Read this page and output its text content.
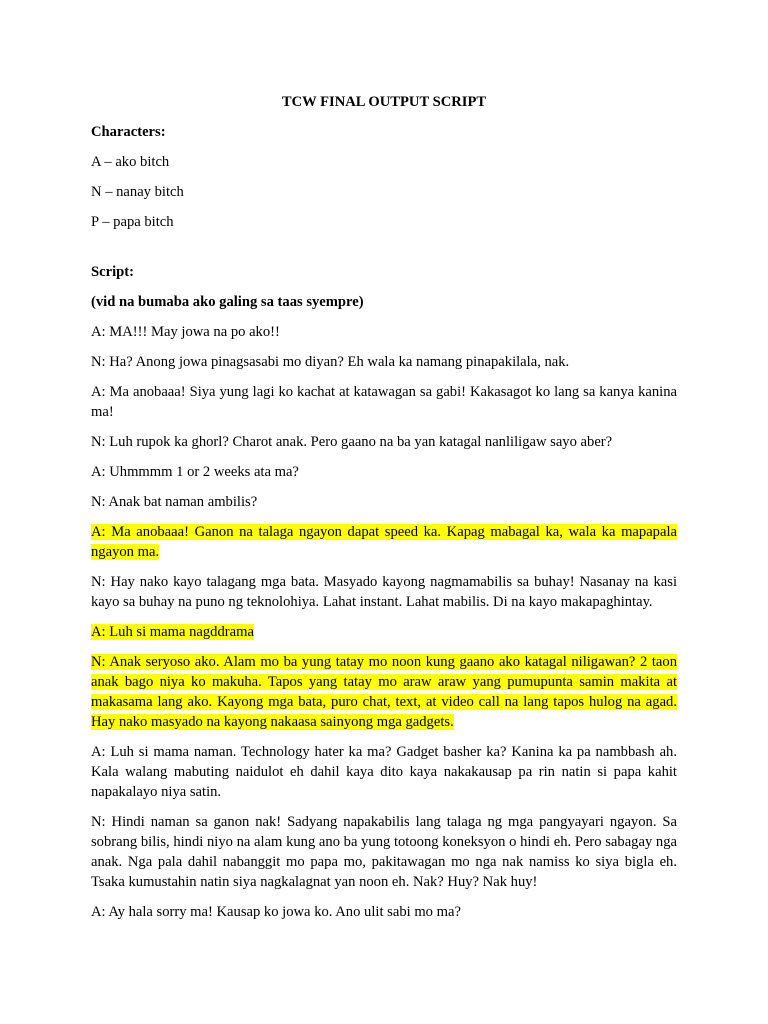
TCW FINAL OUTPUT SCRIPT
Characters:
A – ako bitch
N – nanay bitch
P – papa bitch
Script:
(vid na bumaba ako galing sa taas syempre)
A: MA!!! May jowa na po ako!!
N: Ha? Anong jowa pinagsasabi mo diyan? Eh wala ka namang pinapakilala, nak.
A: Ma anobaaa! Siya yung lagi ko kachat at katawagan sa gabi! Kakasagot ko lang sa kanya kanina ma!
N: Luh rupok ka ghorl? Charot anak. Pero gaano na ba yan katagal nanliligaw sayo aber?
A: Uhmmmm 1 or 2 weeks ata ma?
N: Anak bat naman ambilis?
A: Ma anobaaa! Ganon na talaga ngayon dapat speed ka. Kapag mabagal ka, wala ka mapapala ngayon ma.
N: Hay nako kayo talagang mga bata. Masyado kayong nagmamabilis sa buhay! Nasanay na kasi kayo sa buhay na puno ng teknolohiya. Lahat instant. Lahat mabilis. Di na kayo makapaghintay.
A: Luh si mama nagddrama
N: Anak seryoso ako. Alam mo ba yung tatay mo noon kung gaano ako katagal niligawan? 2 taon anak bago niya ko makuha. Tapos yang tatay mo araw araw yang pumupunta samin makita at makasama lang ako. Kayong mga bata, puro chat, text, at video call na lang tapos hulog na agad. Hay nako masyado na kayong nakaasa sainyong mga gadgets.
A: Luh si mama naman. Technology hater ka ma? Gadget basher ka? Kanina ka pa nambbash ah. Kala walang mabuting naidulot eh dahil kaya dito kaya nakakausap pa rin natin si papa kahit napakalayo niya satin.
N: Hindi naman sa ganon nak! Sadyang napakabilis lang talaga ng mga pangyayari ngayon. Sa sobrang bilis, hindi niyo na alam kung ano ba yung totoong koneksyon o hindi eh. Pero sabagay nga anak. Nga pala dahil nabanggit mo papa mo, pakitawagan mo nga nak namiss ko siya bigla eh. Tsaka kumustahin natin siya nagkalagnat yan noon eh. Nak? Huy? Nak huy!
A: Ay hala sorry ma! Kausap ko jowa ko. Ano ulit sabi mo ma?
